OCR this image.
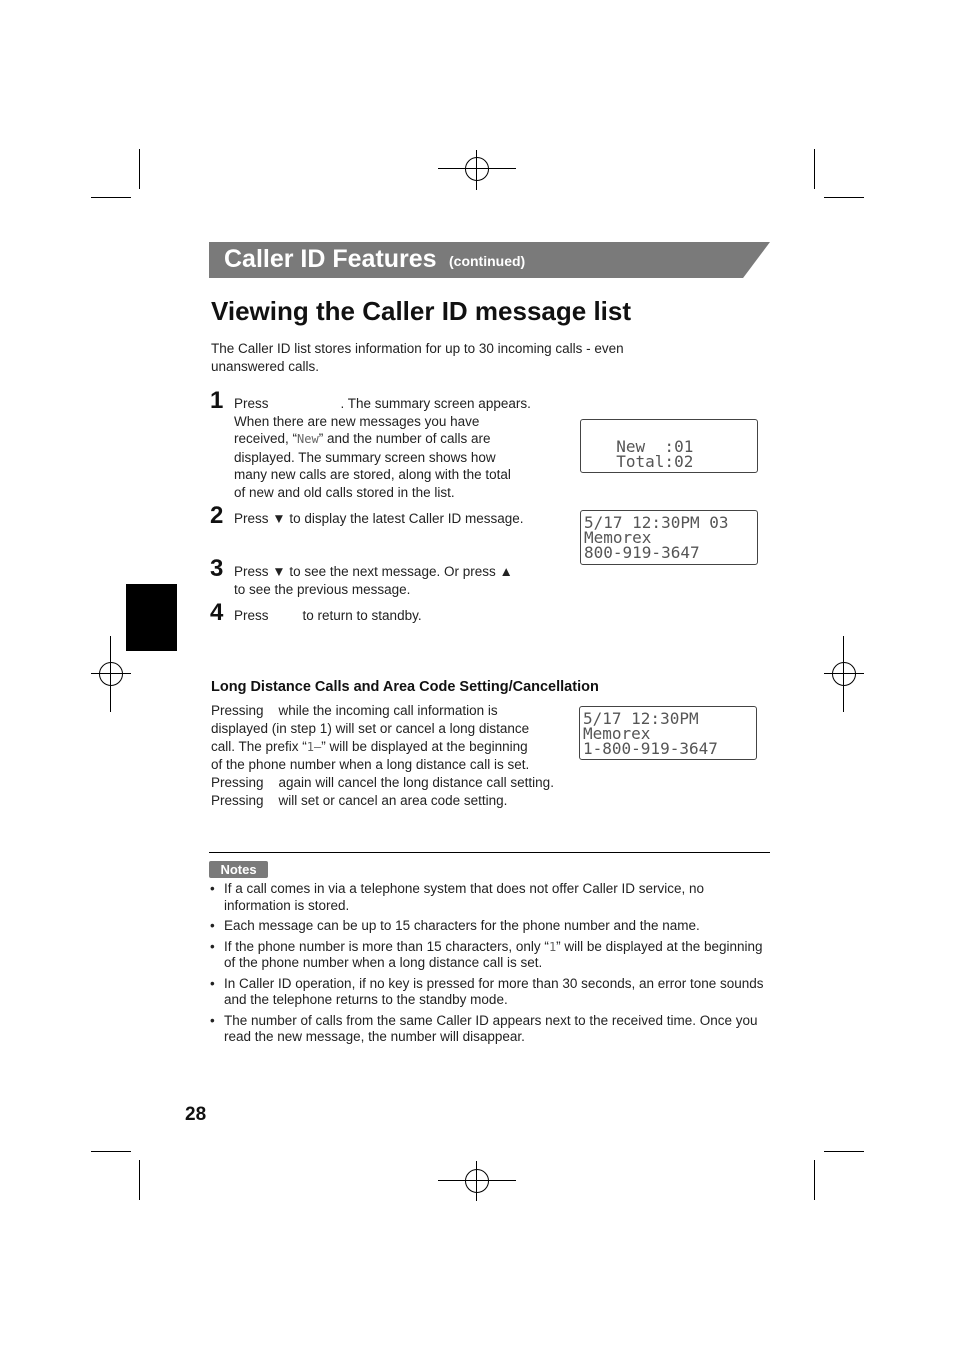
Caller ID Features (continued)
Viewing the Caller ID message list
The Caller ID list stores information for up to 30 incoming calls - even
unanswered calls.
1 Press	. The summary screen appears.
When there are new messages you have
received, “New” and the number of calls are
displayed. The summary screen shows how
many new calls are stored, along with the total
of new and old calls stored in the list.
2 Press ▼ to display the latest Caller ID message.
3 Press ▼ to see the next message. Or press ▲
to see the previous message.
4 Press	to return to standby.
New  :01
Total:02
5/17 12:30PM 03
Memorex
800-919-3647
5/17 12:30PM
Memorex
1-800-919-3647
Long Distance Calls and Area Code Setting/Cancellation
Pressing while the incoming call information is
displayed (in step 1) will set or cancel a long distance
call. The prefix “1–” will be displayed at the beginning
of the phone number when a long distance call is set.
Pressing again will cancel the long distance call setting.
Pressing will set or cancel an area code setting.
Notes
• If a call comes in via a telephone system that does not offer Caller ID service, no information is stored.
• Each message can be up to 15 characters for the phone number and the name.
• If the phone number is more than 15 characters, only “1” will be displayed at the beginning of the phone number when a long distance call is set.
• In Caller ID operation, if no key is pressed for more than 30 seconds, an error tone sounds and the telephone returns to the standby mode.
• The number of calls from the same Caller ID appears next to the received time. Once you read the new message, the number will disappear.
28
